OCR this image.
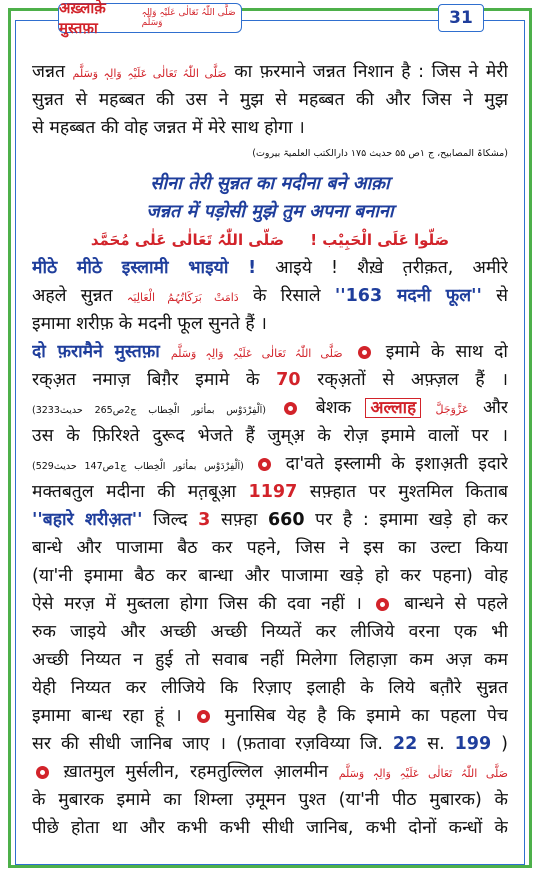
अख़्लाक़े मुस्तफ़ा
صَلَّی اللّٰہُ تَعَالٰی عَلَیْہِ وَالِہٖ وَسَلَّم	31
जन्नत صَلَّی اللّٰہُ تَعَالٰی عَلَیْہِ وَالِہٖ وَسَلَّم का फ़रमाने जन्नत निशान है : जिस ने मेरी
सुन्नत से महब्बत की उस ने मुझ से महब्बत की और जिस ने मुझ
से महब्बत की वोह जन्नत में मेरे साथ होगा ।
(مشکاۃ المصابیح، ج ۱ص ۵۵ حدیث ۱۷۵ دارالکتب العلمیۃ بیروت)
सीना तेरी सुन्नत का मदीना बने आक़ा
जन्नत में पड़ोसी मुझे तुम अपना बनाना
صَلُّوا عَلَی الْحَبِیْب !     صَلَّی اللّٰہُ تَعَالٰی عَلٰی مُحَمَّد
मीठे मीठे इस्लामी भाइयो ! आइये ! शैख़े त़रीक़त, अमीरे
अहले सुन्नत دَامَتْ بَرَکَاتُہُمُ الْعَالِیَہ के रिसाले ''163 मदनी फूल'' से
इमामा शरीफ़ के मदनी फूल सुनते हैं ।
दो फ़रामैने मुस्तफ़ा صَلَّی اللّٰہُ تَعَالٰی عَلَیْہِ وَالِہٖ وَسَلَّم इमामे के साथ दो
रक्अ़त नमाज़ बिग़ैर इमामे के 70 रक्अ़तों से अफ़्ज़ल हैं ।
(اَلْفِرْدَوْس بمأثور الْخِطاب ج2ص265 حدیث3233)	बेशक अल्लाह عَزَّوَجَلَّ और
उस के फ़िरिश्ते दुरूद भेजते हैं जुम्अ़ के रोज़ इमामे वालों पर ।
(اَلْفِرْدَوْس بمأثور الْخِطاب ج1ص147 حدیث529) दा'वते इस्लामी के इशाअ़ती इदारे
मक्तबतुल मदीना की मत़बूआ़ 1197 सफ़्हात पर मुश्तमिल किताब
''बहारे शरीअ़त'' जिल्द 3 सफ़्हा 660 पर है : इमामा खड़े हो कर
बान्धे और पाजामा बैठ कर पहने, जिस ने इस का उल्टा किया
(या'नी इमामा बैठ कर बान्धा और पाजामा खड़े हो कर पहना) वोह
ऐसे मरज़ में मुब्तला होगा जिस की दवा नहीं । बान्धने से पहले
रुक जाइये और अच्छी अच्छी निय्यतें कर लीजिये वरना एक भी
अच्छी निय्यत न हुई तो सवाब नहीं मिलेगा लिहाज़ा कम अज़ कम
येही निय्यत कर लीजिये कि रिज़ाए इलाही के लिये बत़ौरे सुन्नत
इमामा बान्ध रहा हूं । मुनासिब येह है कि इमामे का पहला पेच
सर की सीधी जानिब जाए । (फ़तावा रज़विय्या जि. 22 स. 199 )
ख़ातमुल मुर्सलीन, रहमतुल्लिल आ़लमीन صَلَّی اللّٰہُ تَعَالٰی عَلَیْہِ وَالِہٖ وَسَلَّم
के मुबारक इमामे का शिम्ला उ़मूमन पुश्त (या'नी पीठ मुबारक) के
पीछे होता था और कभी कभी सीधी जानिब, कभी दोनों कन्धों के
